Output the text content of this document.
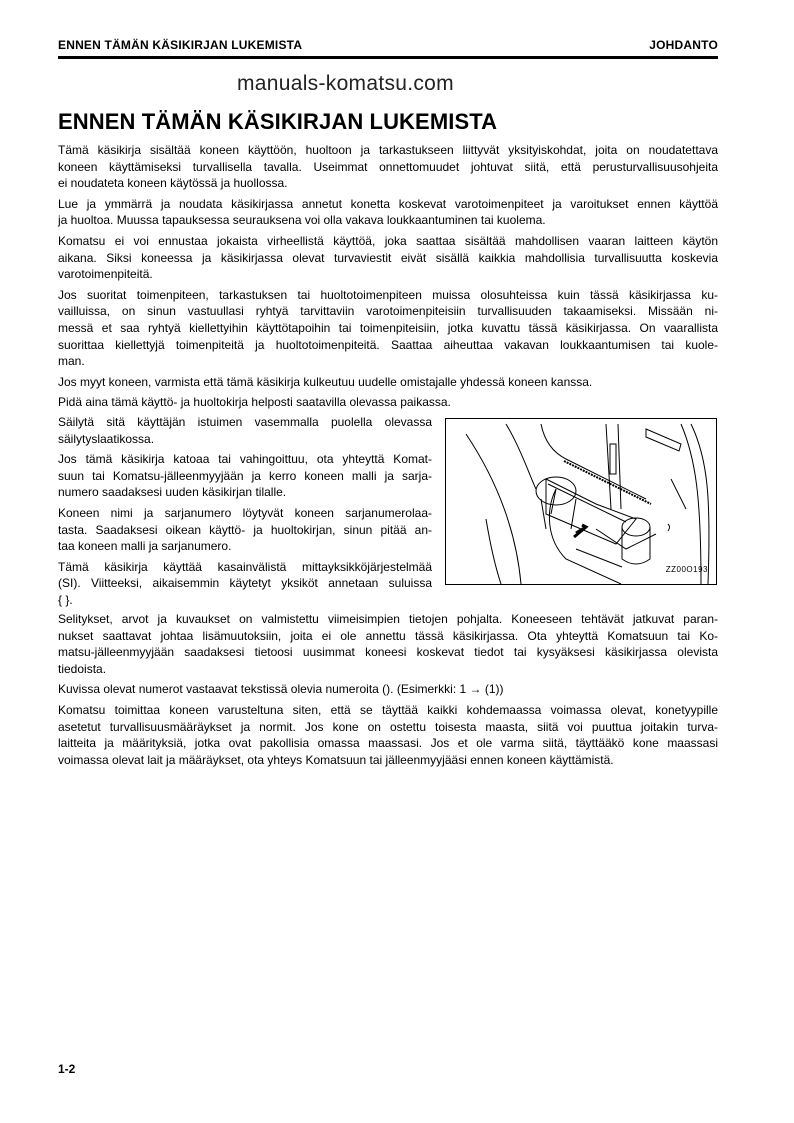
ENNEN TÄMÄN KÄSIKIRJAN LUKEMISTA	JOHDANTO
manuals-komatsu.com
ENNEN TÄMÄN KÄSIKIRJAN LUKEMISTA
Tämä käsikirja sisältää koneen käyttöön, huoltoon ja tarkastukseen liittyvät yksityiskohdat, joita on noudatettava
koneen käyttämiseksi turvallisella tavalla. Useimmat onnettomuudet johtuvat siitä, että perusturvallisuusohjeita
ei noudateta koneen käytössä ja huollossa.
Lue ja ymmärrä ja noudata käsikirjassa annetut konetta koskevat varotoimenpiteet ja varoitukset ennen käyttöä
ja huoltoa. Muussa tapauksessa seurauksena voi olla vakava loukkaantuminen tai kuolema.
Komatsu ei voi ennustaa jokaista virheellistä käyttöä, joka saattaa sisältää mahdollisen vaaran laitteen käytön
aikana. Siksi koneessa ja käsikirjassa olevat turvaviestit eivät sisällä kaikkia mahdollisia turvallisuutta koskevia
varotoimenpiteitä.
Jos suoritat toimenpiteen, tarkastuksen tai huoltotoimenpiteen muissa olosuhteissa kuin tässä käsikirjassa ku-
vailluissa, on sinun vastuullasi ryhtyä tarvittaviin varotoimenpiteisiin turvallisuuden takaamiseksi. Missään ni-
messä et saa ryhtyä kiellettyihin käyttötapoihin tai toimenpiteisiin, jotka kuvattu tässä käsikirjassa. On vaarallista
suorittaa kiellettyjä toimenpiteitä ja huoltotoimenpiteitä. Saattaa aiheuttaa vakavan loukkaantumisen tai kuole-
man.
Jos myyt koneen, varmista että tämä käsikirja kulkeutuu uudelle omistajalle yhdessä koneen kanssa.
Pidä aina tämä käyttö- ja huoltokirja helposti saatavilla olevassa paikassa.
Säilytä sitä käyttäjän istuimen vasemmalla puolella olevassa
säilytyslaatikossa.
Jos tämä käsikirja katoaa tai vahingoittuu, ota yhteyttä Komat-
suun tai Komatsu-jälleenmyyjään ja kerro koneen malli ja sarja-
numero saadaksesi uuden käsikirjan tilalle.
Koneen nimi ja sarjanumero löytyvät koneen sarjanumerolaa-
tasta. Saadaksesi oikean käyttö- ja huoltokirjan, sinun pitää an-
taa koneen malli ja sarjanumero.
Tämä käsikirja käyttää kasainvälistä mittayksikköjärjestelmää
(SI). Viitteeksi, aikaisemmin käytetyt yksiköt annetaan suluissa
{ }.
Selitykset, arvot ja kuvaukset on valmistettu viimeisimpien tietojen pohjalta. Koneeseen tehtävät jatkuvat paran-
nukset saattavat johtaa lisämuutoksiin, joita ei ole annettu tässä käsikirjassa. Ota yhteyttä Komatsuun tai Ko-
matsu-jälleenmyyjään saadaksesi tietoosi uusimmat koneesi koskevat tiedot tai kysyäksesi käsikirjassa olevista
tiedoista.
Kuvissa olevat numerot vastaavat tekstissä olevia numeroita (). (Esimerkki: 1 → (1))
Komatsu toimittaa koneen varusteltuna siten, että se täyttää kaikki kohdemaassa voimassa olevat, konetyypille
asetetut turvallisuusmääräykset ja normit. Jos kone on ostettu toisesta maasta, siitä voi puuttua joitakin turva-
laitteita ja määrityksiä, jotka ovat pakollisia omassa maassasi. Jos et ole varma siitä, täyttääkö kone maassasi
voimassa olevat lait ja määräykset, ota yhteys Komatsuun tai jälleenmyyjääsi ennen koneen käyttämistä.
ZZ00O193
1-2
